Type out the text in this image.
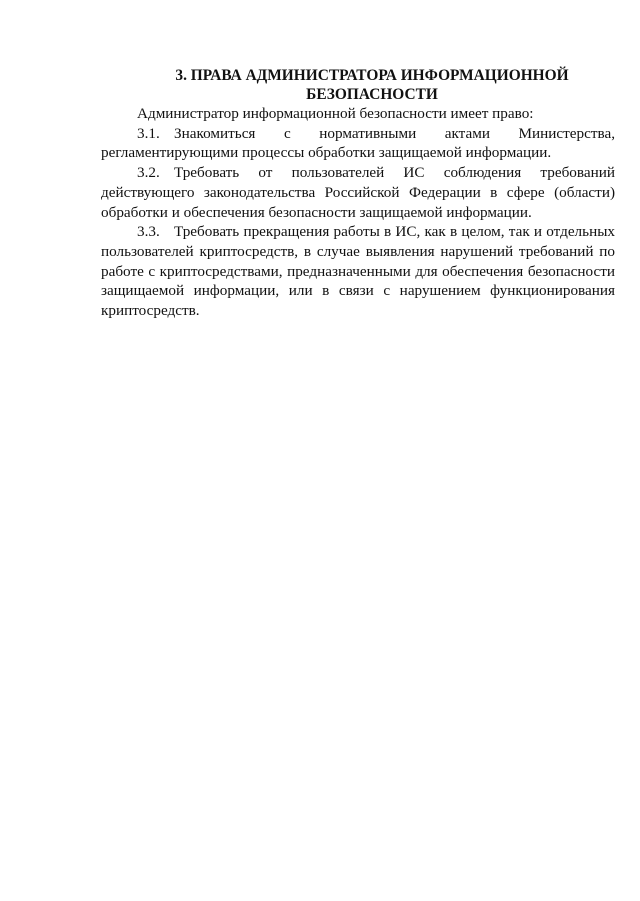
3. ПРАВА АДМИНИСТРАТОРА ИНФОРМАЦИОННОЙ
БЕЗОПАСНОСТИ

Администратор информационной безопасности имеет право:

3.1. Знакомиться с нормативными актами Министерства, регламентирующими процессы обработки защищаемой информации.

3.2. Требовать от пользователей ИС соблюдения требований действующего законодательства Российской Федерации в сфере (области) обработки и обеспечения безопасности защищаемой информации.

3.3. Требовать прекращения работы в ИС, как в целом, так и отдельных пользователей криптосредств, в случае выявления нарушений требований по работе с криптосредствами, предназначенными для обеспечения безопасности защищаемой информации, или в связи с нарушением функционирования криптосредств.
